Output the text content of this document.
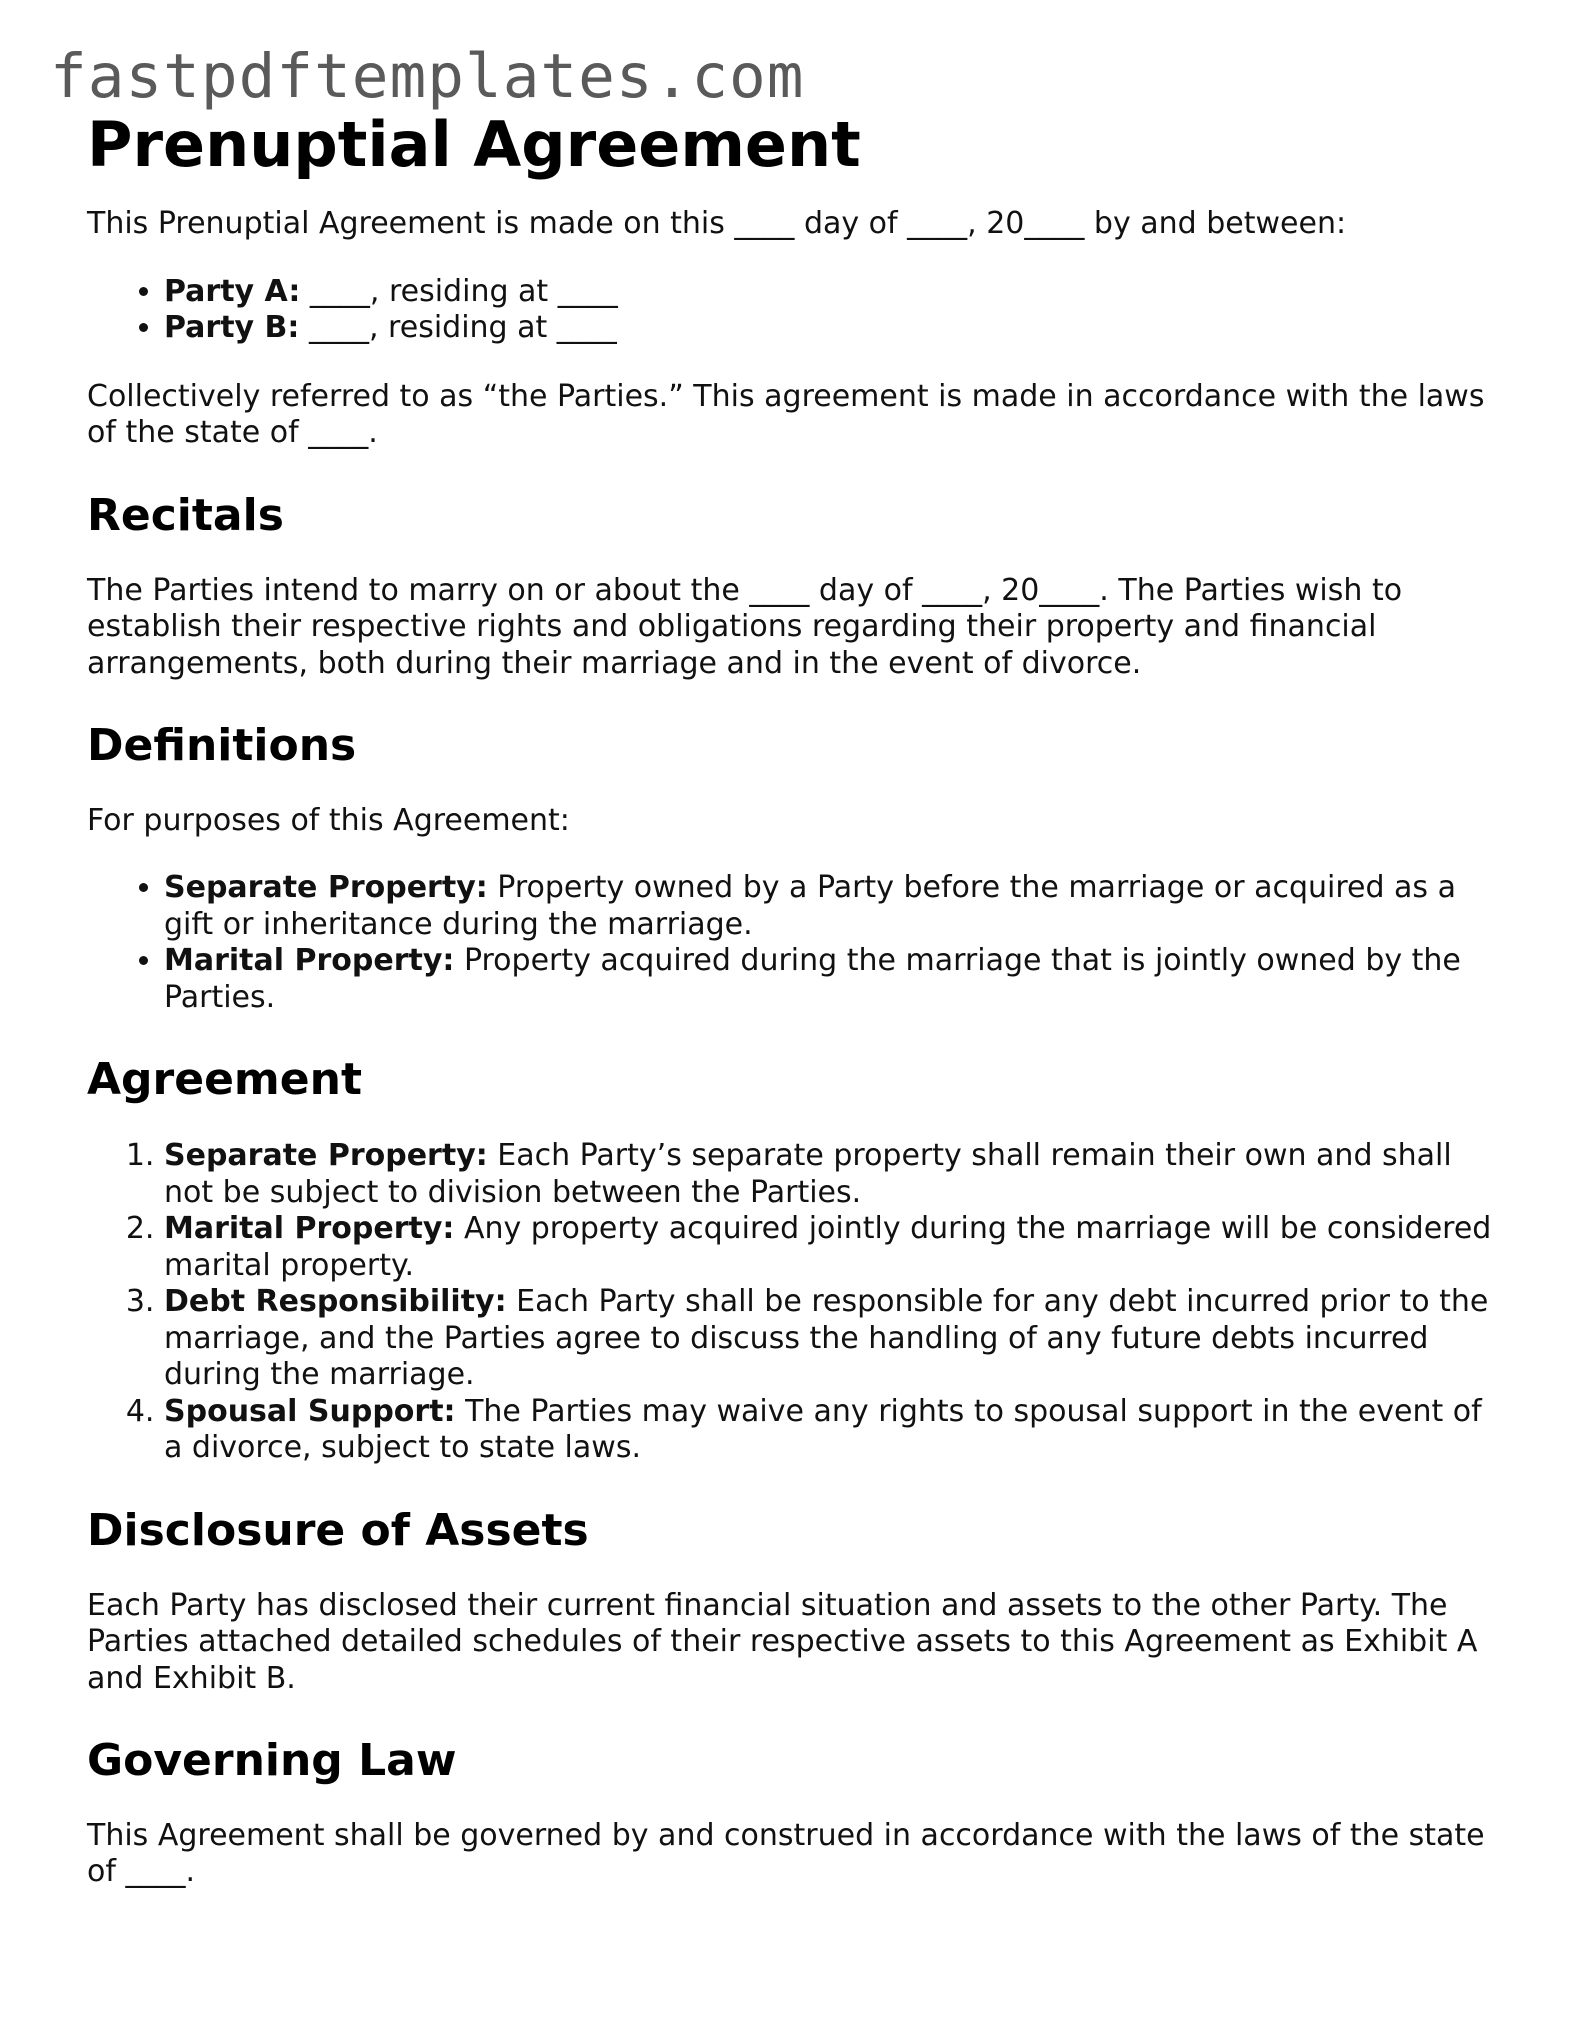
fastpdftemplates.com
Prenuptial Agreement

This Prenuptial Agreement is made on this ____ day of ____, 20____ by and between:

• Party A: ____, residing at ____
• Party B: ____, residing at ____

Collectively referred to as “the Parties.” This agreement is made in accordance with the laws of the state of ____.

Recitals

The Parties intend to marry on or about the ____ day of ____, 20____. The Parties wish to establish their respective rights and obligations regarding their property and financial arrangements, both during their marriage and in the event of divorce.

Definitions

For purposes of this Agreement:

• Separate Property: Property owned by a Party before the marriage or acquired as a gift or inheritance during the marriage.
• Marital Property: Property acquired during the marriage that is jointly owned by the Parties.
Agreement
1. Separate Property: Each Party’s separate property shall remain their own and shall not be subject to division between the Parties.
2. Marital Property: Any property acquired jointly during the marriage will be considered marital property.
3. Debt Responsibility: Each Party shall be responsible for any debt incurred prior to the marriage, and the Parties agree to discuss the handling of any future debts incurred during the marriage.
4. Spousal Support: The Parties may waive any rights to spousal support in the event of a divorce, subject to state laws.
Disclosure of Assets

Each Party has disclosed their current financial situation and assets to the other Party. The Parties attached detailed schedules of their respective assets to this Agreement as Exhibit A and Exhibit B.

Governing Law

This Agreement shall be governed by and construed in accordance with the laws of the state of ____.
